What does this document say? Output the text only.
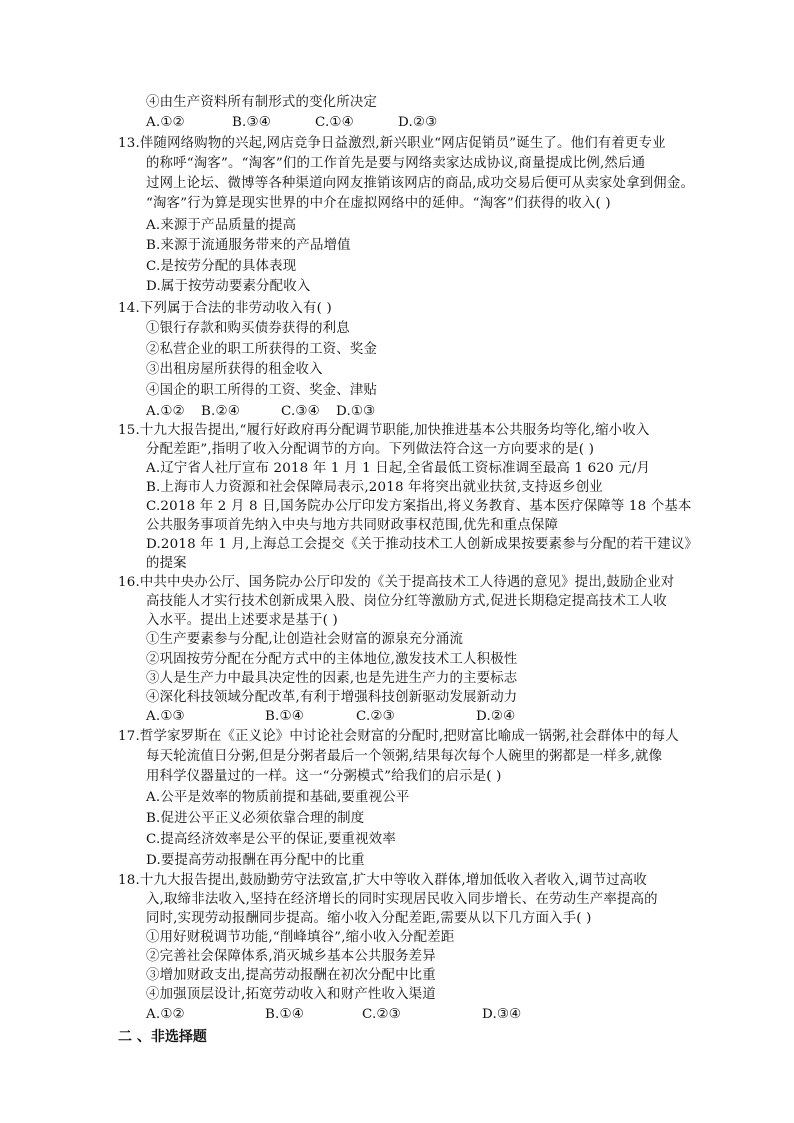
④由生产资料所有制形式的变化所决定
A.①②	B.③④	C.①④	D.②③
13.伴随网络购物的兴起,网店竞争日益激烈,新兴职业“网店促销员”诞生了。他们有着更专业
的称呼“淘客”。“淘客”们的工作首先是要与网络卖家达成协议,商量提成比例,然后通
过网上论坛、微博等各种渠道向网友推销该网店的商品,成功交易后便可从卖家处拿到佣金。
“淘客”行为算是现实世界的中介在虚拟网络中的延伸。“淘客”们获得的收入( )
A.来源于产品质量的提高
B.来源于流通服务带来的产品增值
C.是按劳分配的具体表现
D.属于按劳动要素分配收入
14.下列属于合法的非劳动收入有( )
①银行存款和购买债券获得的利息
②私营企业的职工所获得的工资、奖金
③出租房屋所获得的租金收入
④国企的职工所得的工资、奖金、津贴
A.①② B.②④	C.③④ D.①③
15.十九大报告提出,“履行好政府再分配调节职能,加快推进基本公共服务均等化,缩小收入
分配差距”,指明了收入分配调节的方向。下列做法符合这一方向要求的是( )
A.辽宁省人社厅宣布 2018 年 1 月 1 日起,全省最低工资标准调至最高 1 620 元/月
B.上海市人力资源和社会保障局表示,2018 年将突出就业扶贫,支持返乡创业
C.2018 年 2 月 8 日,国务院办公厅印发方案指出,将义务教育、基本医疗保障等 18 个基本
公共服务事项首先纳入中央与地方共同财政事权范围,优先和重点保障
D.2018 年 1 月,上海总工会提交《关于推动技术工人创新成果按要素参与分配的若干建议》
的提案
16.中共中央办公厅、国务院办公厅印发的《关于提高技术工人待遇的意见》提出,鼓励企业对
高技能人才实行技术创新成果入股、岗位分红等激励方式,促进长期稳定提高技术工人收
入水平。提出上述要求是基于( )
①生产要素参与分配,让创造社会财富的源泉充分涌流
②巩固按劳分配在分配方式中的主体地位,激发技术工人积极性
③人是生产力中最具决定性的因素,也是先进生产力的主要标志
④深化科技领域分配改革,有利于增强科技创新驱动发展新动力
A.①③	B.①④	C.②③	D.②④
17.哲学家罗斯在《正义论》中讨论社会财富的分配时,把财富比喻成一锅粥,社会群体中的每人
每天轮流值日分粥,但是分粥者最后一个领粥,结果每次每个人碗里的粥都是一样多,就像
用科学仪器量过的一样。这一“分粥模式”给我们的启示是( )
A.公平是效率的物质前提和基础,要重视公平
B.促进公平正义必须依靠合理的制度
C.提高经济效率是公平的保证,要重视效率
D.要提高劳动报酬在再分配中的比重
18.十九大报告提出,鼓励勤劳守法致富,扩大中等收入群体,增加低收入者收入,调节过高收
入,取缔非法收入,坚持在经济增长的同时实现居民收入同步增长、在劳动生产率提高的
同时,实现劳动报酬同步提高。缩小收入分配差距,需要从以下几方面入手( )
①用好财税调节功能,“削峰填谷”,缩小收入分配差距
②完善社会保障体系,消灭城乡基本公共服务差异
③增加财政支出,提高劳动报酬在初次分配中比重
④加强顶层设计,拓宽劳动收入和财产性收入渠道
A.①②	B.①④	C.②③	D.③④
二 、非选择题
